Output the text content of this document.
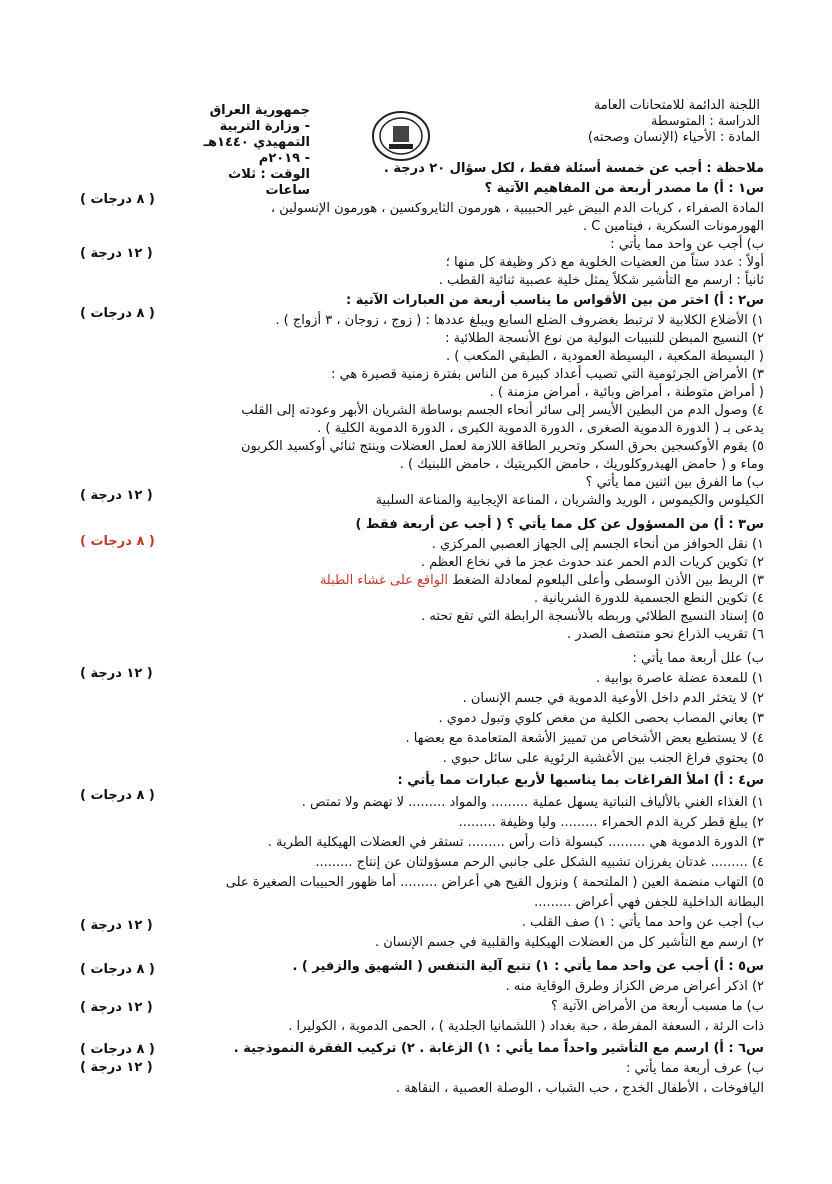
جمهورية العراق - وزارة التربية
التمهيدي ١٤٤٠هـ - ٢٠١٩م
الوقت : ثلاث ساعات
اللجنة الدائمة للامتحانات العامة
الدراسة : المتوسطة
المادة : الأحياء (الإنسان وصحته)
ملاحظة : أجب عن خمسة أسئلة فقط ، لكل سؤال ٢٠ درجة .
س١ : أ) ما مصدر أربعة من المفاهيم الآتية ؟
( ٨ درجات )
المادة الصفراء ، كريات الدم البيض غير الحبيبية ، هورمون الثايروكسين ، هورمون الإنسولين ،
الهورمونات السكرية ، فيتامين C .
ب) أجب عن واحد مما يأتي :
( ١٢ درجة )
أولاً : عدد ستاً من العضيات الخلوية مع ذكر وظيفة كل منها ؛
ثانياً : ارسم مع التأشير شكلاً يمثل خلية عصبية ثنائية القطب .
س٢ : أ) اختر من بين الأقواس ما يناسب أربعة من العبارات الآتية :
( ٨ درجات )	١) الأضلاع الكلابية لا ترتبط بغضروف الضلع السابع ويبلغ عددها : ( زوج ، زوجان ، ٣ أزواج ) .
٢) النسيج المبطن للنبيبات البولية من نوع الأنسجة الطلائية :
( البسيطة المكعبة ، البسيطة العمودية ، الطبقي المكعب ) .
٣) الأمراض الجرثومية التي تصيب أعداد كبيرة من الناس بفترة زمنية قصيرة هي :
( أمراض متوطنة ، أمراض وبائية ، أمراض مزمنة ) .
٤) وصول الدم من البطين الأيسر إلى سائر أنحاء الجسم بوساطة الشريان الأبهر وعودته إلى القلب
يدعى بـ ( الدورة الدموية الصغرى ، الدورة الدموية الكبرى ، الدورة الدموية الكلية ) .
٥) يقوم الأوكسجين بحرق السكر وتحرير الطاقة اللازمة لعمل العضلات وينتج ثنائي أوكسيد الكربون
وماء و ( حامض الهيدروكلوريك ، حامض الكبريتيك ، حامض اللبنيك ) .
ب) ما الفرق بين اثنين مما يأتي ؟
( ١٢ درجة )	الكيلوس والكيموس ، الوريد والشريان ، المناعة الإيجابية والمناعة السلبية
س٣ : أ) من المسؤول عن كل مما يأتي ؟ ( أجب عن أربعة فقط )
( ٨ درجات )	١) نقل الحوافز من أنحاء الجسم إلى الجهاز العصبي المركزي .
٢) تكوين كريات الدم الحمر عند حدوث عجز ما في نخاع العظم .
٣) الربط بين الأذن الوسطى وأعلى البلعوم لمعادلة الضغط الواقع على غشاء الطبلة
٤) تكوين النطع الجسمية للدورة الشريانية .
٥) إسناد النسيج الطلائي وربطه بالأنسجة الرابطة التي تقع تحته .
٦) تقريب الذراع نحو منتصف الصدر .
ب) علل أربعة مما يأتي :
( ١٢ درجة )	١) للمعدة عضلة عاصرة بوابية .
٢) لا يتخثر الدم داخل الأوعية الدموية في جسم الإنسان .
٣) يعاني المصاب بحصى الكلية من مغص كلوي وتبول دموي .
٤) لا يستطيع بعض الأشخاص من تمييز الأشعة المتعامدة مع بعضها .
٥) يحتوي فراغ الجنب بين الأغشية الرئوية على سائل حبوي .
س٤ : أ) املأ الفراغات بما يناسبها لأربع عبارات مما يأتي :
( ٨ درجات )	١) الغذاء الغني بالألياف النباتية يسهل عملية ......... والمواد ......... لا تهضم ولا تمتص .
٢) يبلغ قطر كرية الدم الحمراء ......... وليا وظيفة .........
٣) الدورة الدموية هي ......... كبسولة ذات رأس ......... تستقر في العضلات الهيكلية الطرية .
٤) ......... غدتان يفرزان تشبيه الشكل على جانبي الرحم مسؤولتان عن إنتاج .........
٥) التهاب منضمة العين ( الملتحمة ) ونزول القيح هي أعراض ......... أما ظهور الحبيبات الصغيرة على
البطانة الداخلية للجفن فهي أعراض .........
ب) أجب عن واحد مما يأتي : ١) صف القلب .
( ١٢ درجة )
٢) ارسم مع التأشير كل من العضلات الهيكلية والقلبية في جسم الإنسان .
س٥ : أ) أجب عن واحد مما يأتي : ١) تتبع آلية التنفس ( الشهيق والزفير ) .
( ٨ درجات )
٢) اذكر أعراض مرض الكزاز وطرق الوقاية منه .
ب) ما مسبب أربعة من الأمراض الآتية ؟
( ١٢ درجة )
ذات الرئة ، السعفة المفرطة ، حبة بغداد ( اللشمانيا الجلدية ) ، الحمى الدموية ، الكوليرا .
س٦ : أ) ارسم مع التأشير واحداً مما يأتي : ١) الزغابة . ٢) تركيب الفقرة النموذجية .
( ٨ درجات )
ب) عرف أربعة مما يأتي :
( ١٢ درجة )
اليافوخات ، الأطفال الخدج ، حب الشباب ، الوصلة العصبية ، النقاهة .
